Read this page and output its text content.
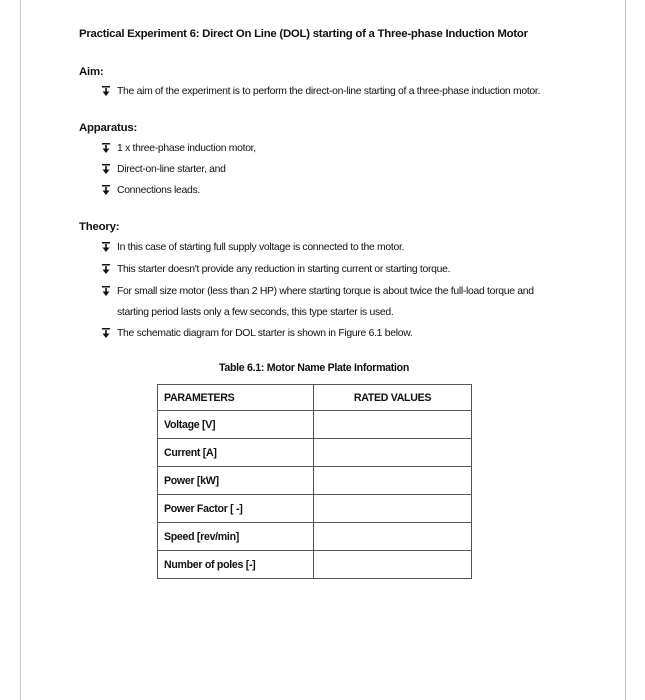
Practical Experiment 6: Direct On Line (DOL) starting of a Three-phase Induction Motor
Aim:
The aim of the experiment is to perform the direct-on-line starting of a three-phase induction motor.
Apparatus:
1 x three-phase induction motor,
Direct-on-line starter, and
Connections leads.
Theory:
In this case of starting full supply voltage is connected to the motor.
This starter doesn't provide any reduction in starting current or starting torque.
For small size motor (less than 2 HP) where starting torque is about twice the full-load torque and
starting period lasts only a few seconds, this type starter is used.
The schematic diagram for DOL starter is shown in Figure 6.1 below.
Table 6.1: Motor Name Plate Information
PARAMETERS	RATED VALUES
Voltage [V]	
Current [A]	
Power [kW]	
Power Factor [ -]	
Speed [rev/min]	
Number of poles [-]	
